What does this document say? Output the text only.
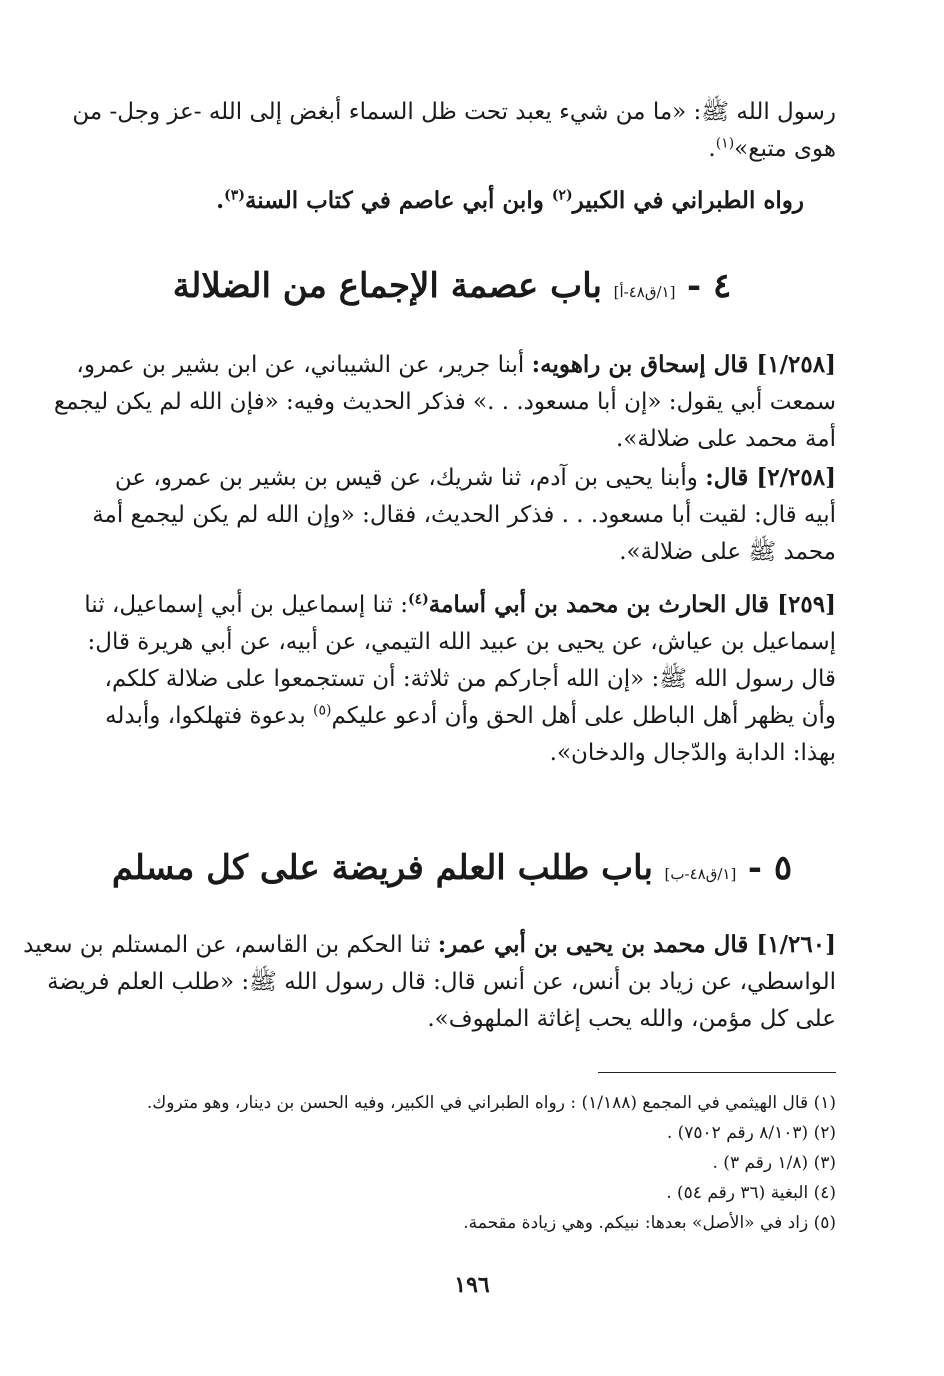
رسول الله ﷺ: «ما من شيء يعبد تحت ظل السماء أبغض إلى الله -عز وجل- من
هوى متبع»$^{(١)}$.

رواه الطبراني في الكبير$^{(٢)}$ وابن أبي عاصم في كتاب السنة$^{(٣)}$.

٤ - [١/ق٤٨-أ] باب عصمة الإجماع من الضلالة

[١/٢٥٨] قال إسحاق بن راهويه: أبنا جرير، عن الشيباني، عن ابن بشير بن عمرو،
سمعت أبي يقول: «إن أبا مسعود. . .» فذكر الحديث وفيه: «فإن الله لم يكن ليجمع
أمة محمد على ضلالة».

[٢/٢٥٨] قال: وأبنا يحيى بن آدم، ثنا شريك، عن قيس بن بشير بن عمرو، عن
أبيه قال: لقيت أبا مسعود. . . فذكر الحديث، فقال: «وإن الله لم يكن ليجمع أمة
محمد ﷺ على ضلالة».

[٢٥٩] قال الحارث بن محمد بن أبي أسامة$^{(٤)}$: ثنا إسماعيل بن أبي إسماعيل، ثنا
إسماعيل بن عياش، عن يحيى بن عبيد الله التيمي، عن أبيه، عن أبي هريرة قال:
قال رسول الله ﷺ: «إن الله أجاركم من ثلاثة: أن تستجمعوا على ضلالة كلكم،
وأن يظهر أهل الباطل على أهل الحق وأن أدعو عليكم$^{(٥)}$ بدعوة فتهلكوا، وأبدله
بهذا: الدابة والدّجال والدخان».

٥ - [١/ق٤٨-ب] باب طلب العلم فريضة على كل مسلم

[١/٢٦٠] قال محمد بن يحيى بن أبي عمر: ثنا الحكم بن القاسم، عن المستلم بن سعيد
الواسطي، عن زياد بن أنس، عن أنس قال: قال رسول الله ﷺ: «طلب العلم فريضة
على كل مؤمن، والله يحب إغاثة الملهوف».

(١) قال الهيثمي في المجمع (١/١٨٨) : رواه الطبراني في الكبير، وفيه الحسن بن دينار، وهو متروك.
(٢) (٨/١٠٣ رقم ٧٥٠٢) .
(٣) (١/٨ رقم ٣) .
(٤) البغية (٣٦ رقم ٥٤) .
(٥) زاد في «الأصل» بعدها: نبيكم. وهي زيادة مقحمة.
١٩٦
